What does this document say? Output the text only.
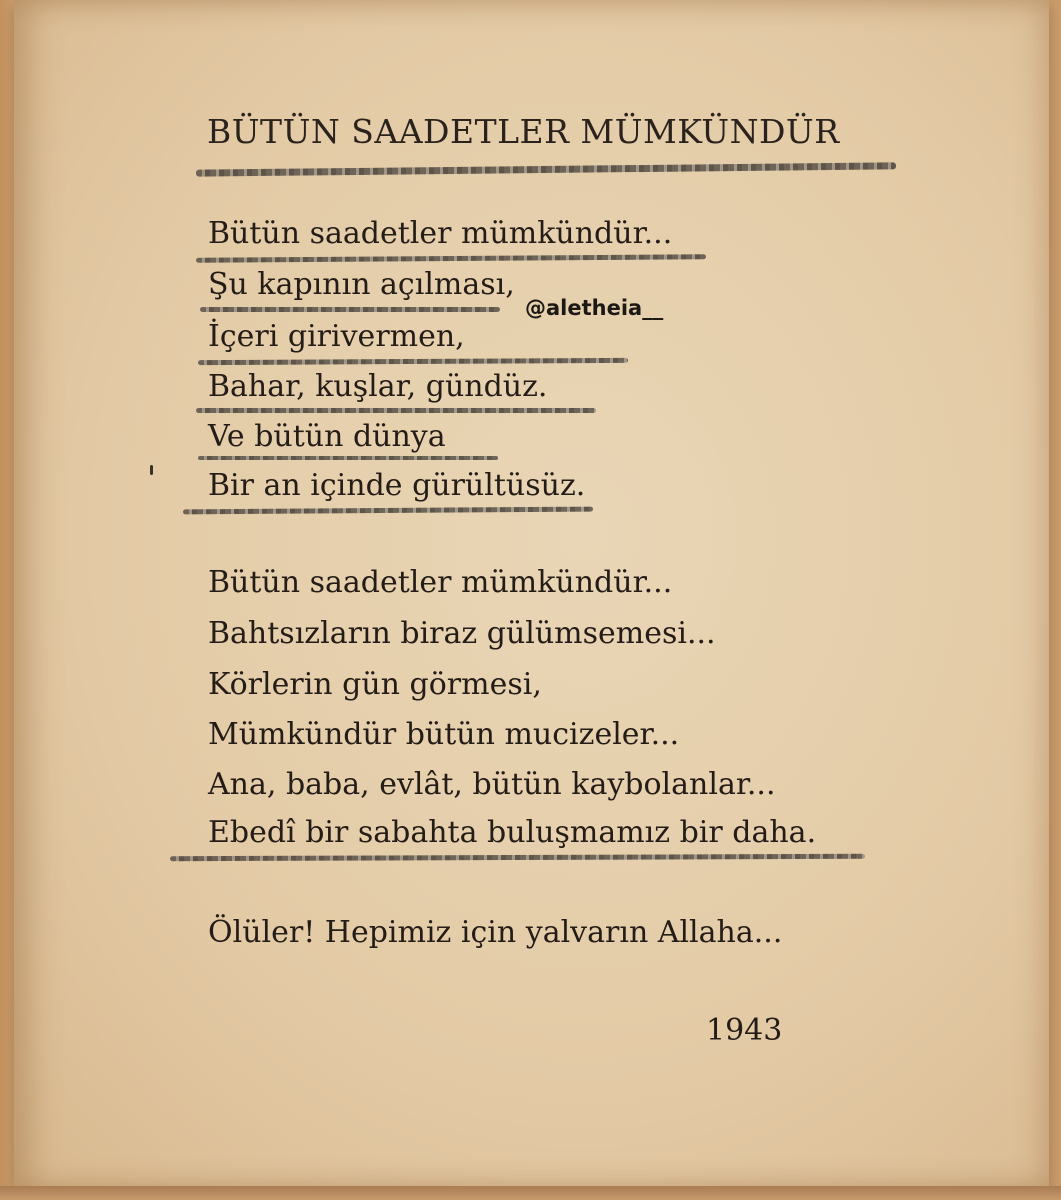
BÜTÜN SAADETLER MÜMKÜNDÜR

Bütün saadetler mümkündür...

Şu kapının açılması,

İçeri girivermen,

Bahar, kuşlar, gündüz.

Ve bütün dünya

Bir an içinde gürültüsüz.

@aletheia__

Bütün saadetler mümkündür...

Bahtsızların biraz gülümsemesi...

Körlerin gün görmesi,

Mümkündür bütün mucizeler...

Ana, baba, evlât, bütün kaybolanlar...

Ebedî bir sabahta buluşmamız bir daha.

Ölüler! Hepimiz için yalvarın Allaha...

1943
